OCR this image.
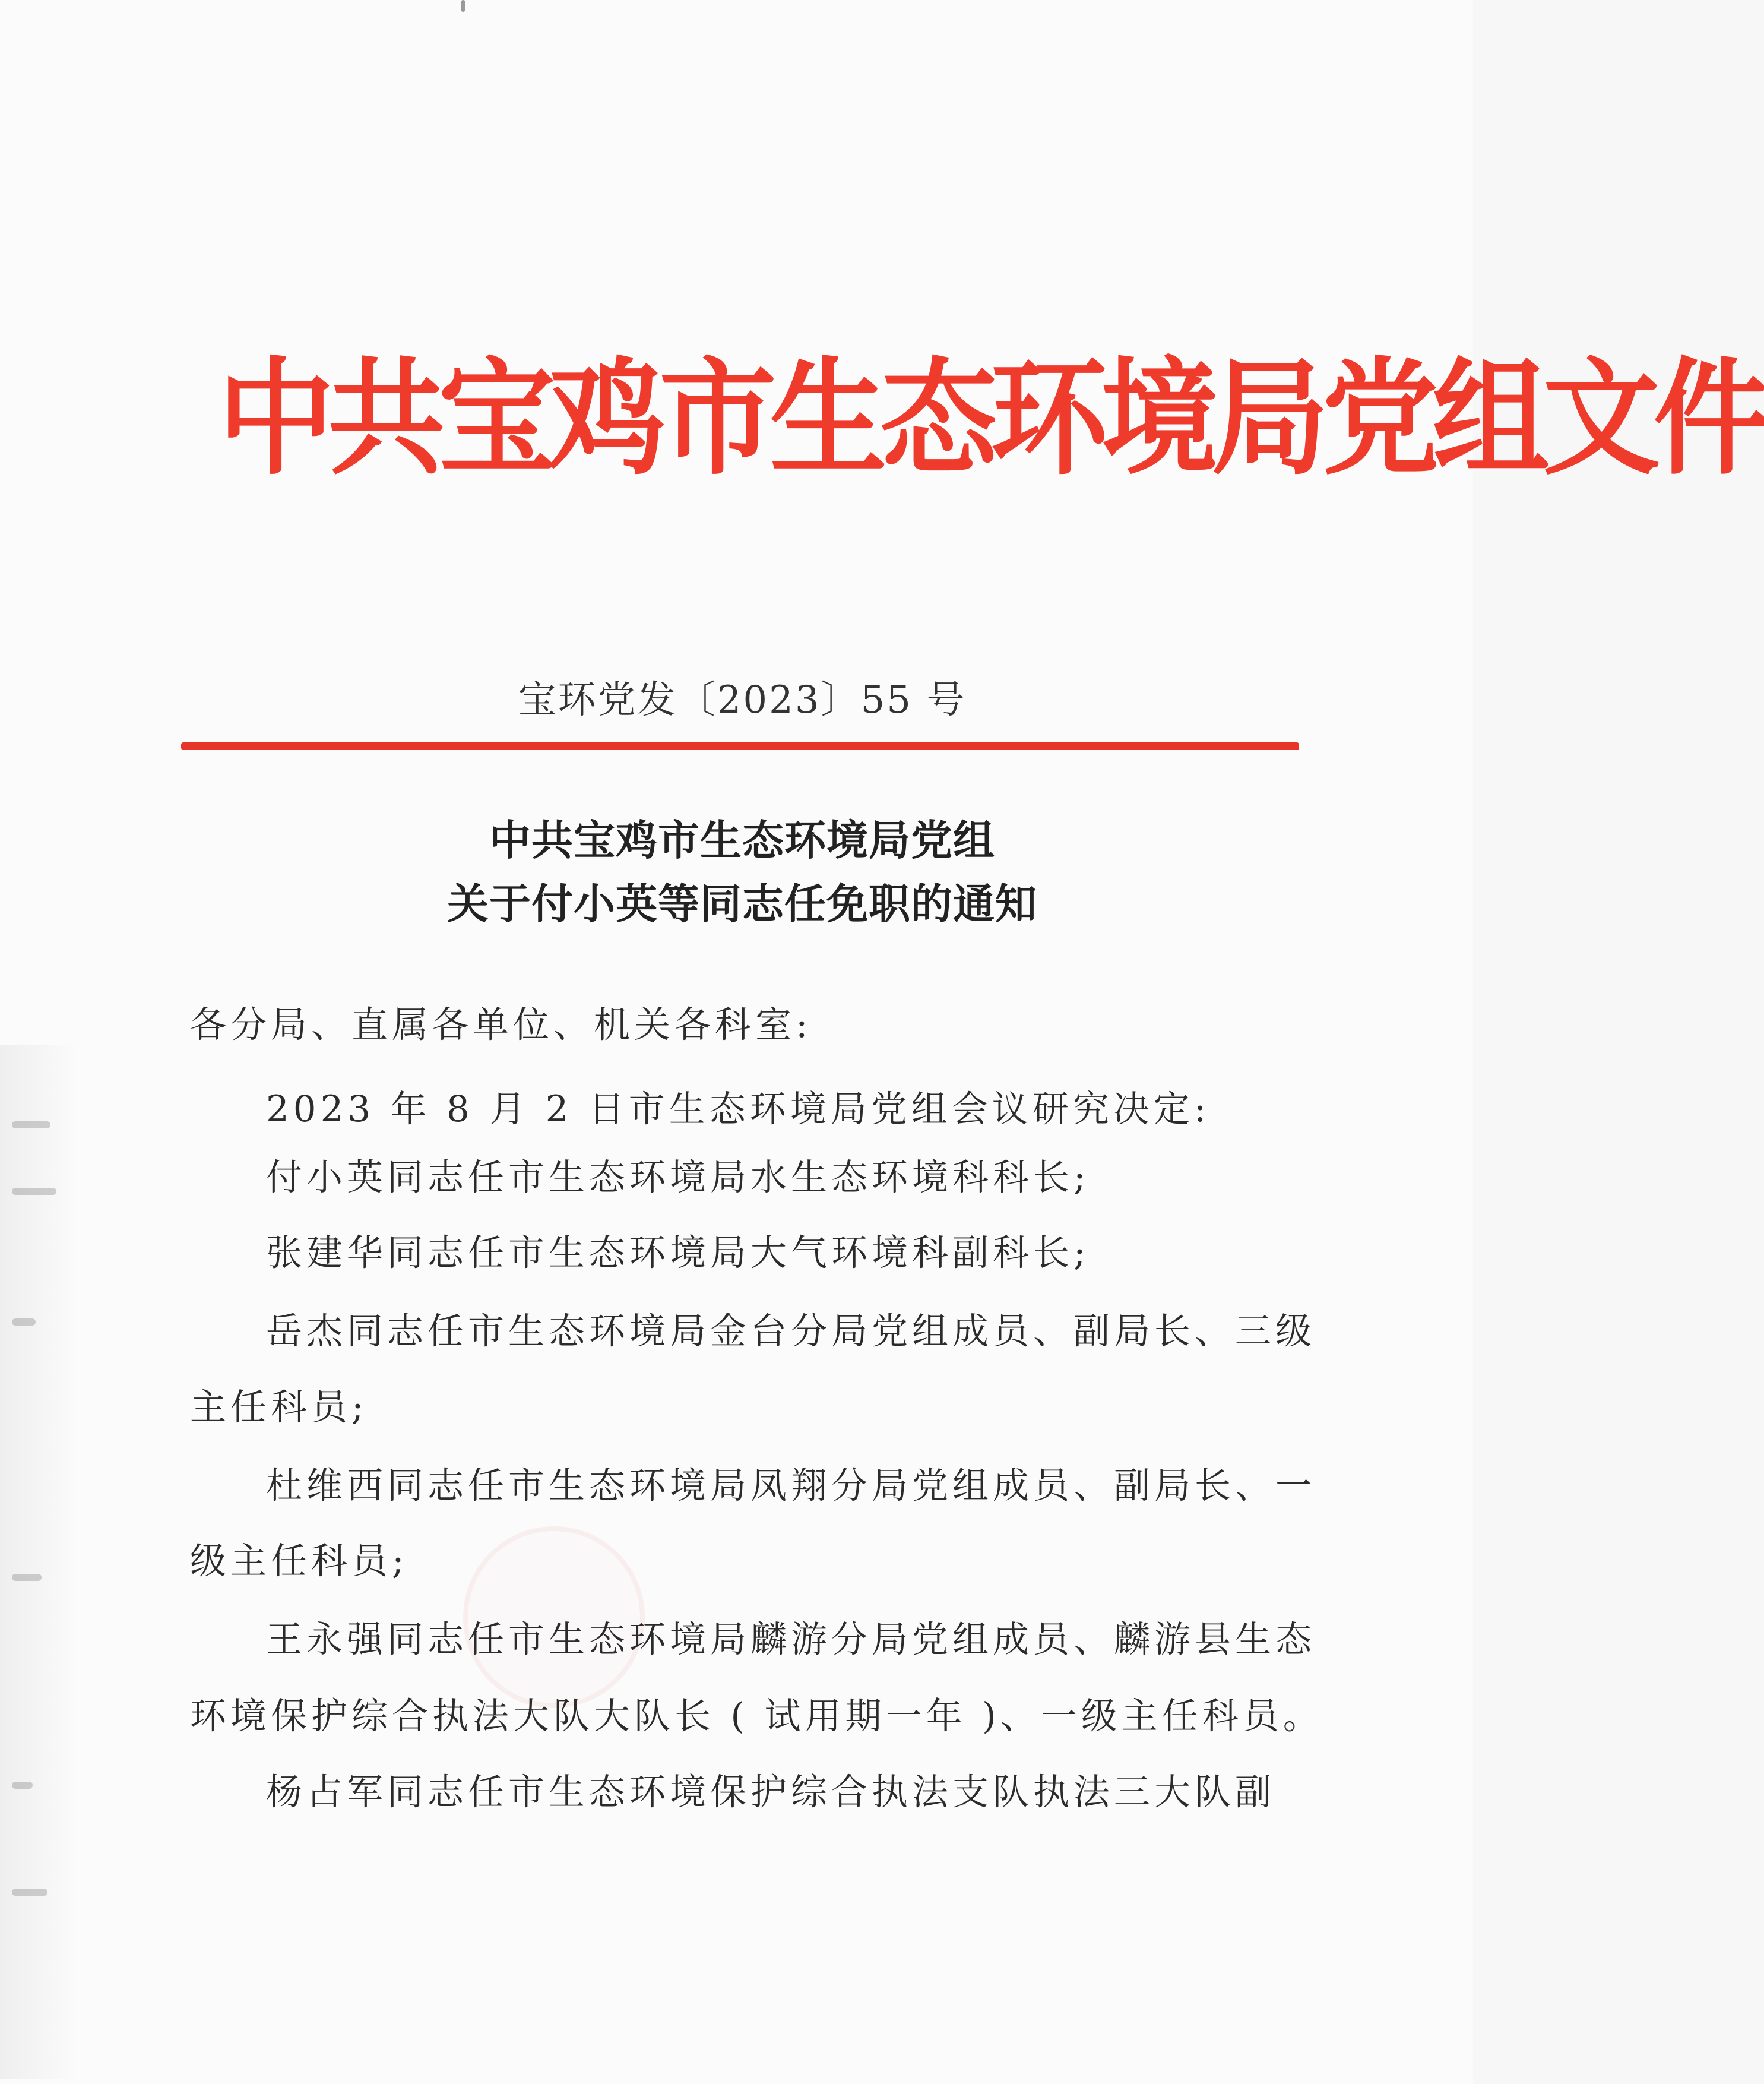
中共宝鸡市生态环境局党组文件
宝环党发〔2023〕55 号
中共宝鸡市生态环境局党组
关于付小英等同志任免职的通知
各分局、直属各单位、机关各科室:
2023 年 8 月 2 日市生态环境局党组会议研究决定:
付小英同志任市生态环境局水生态环境科科长;
张建华同志任市生态环境局大气环境科副科长;
岳杰同志任市生态环境局金台分局党组成员、副局长、三级
主任科员;
杜维西同志任市生态环境局凤翔分局党组成员、副局长、一
级主任科员;
王永强同志任市生态环境局麟游分局党组成员、麟游县生态
环境保护综合执法大队大队长 ( 试用期一年 )、一级主任科员。
杨占军同志任市生态环境保护综合执法支队执法三大队副
